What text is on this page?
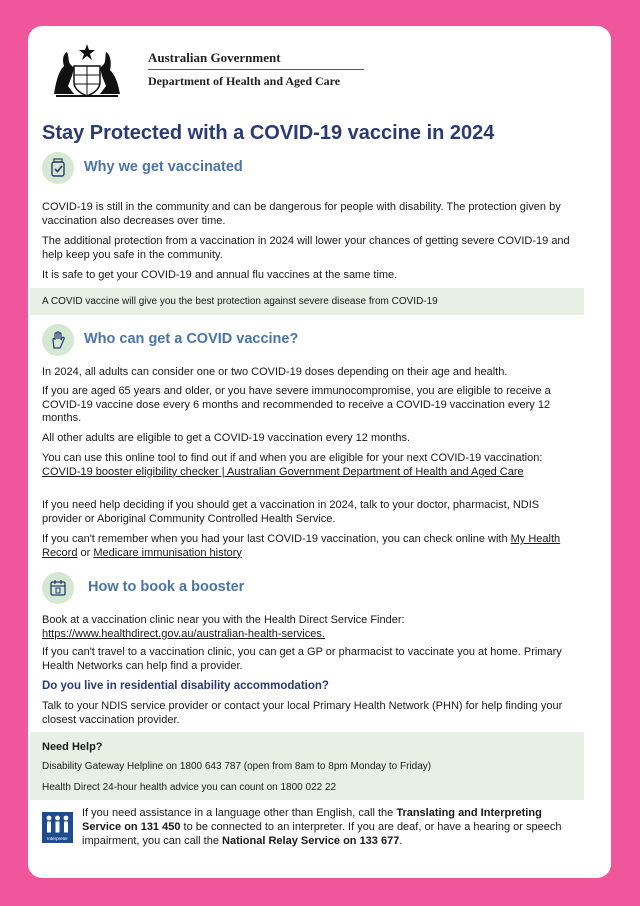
Australian Government
Department of Health and Aged Care
Stay Protected with a COVID-19 vaccine in 2024
Why we get vaccinated

COVID-19 is still in the community and can be dangerous for people with disability. The protection given by vaccination also decreases over time.

The additional protection from a vaccination in 2024 will lower your chances of getting severe COVID-19 and help keep you safe in the community.

It is safe to get your COVID-19 and annual flu vaccines at the same time.

A COVID vaccine will give you the best protection against severe disease from COVID-19
Who can get a COVID vaccine?

In 2024, all adults can consider one or two COVID-19 doses depending on their age and health.

If you are aged 65 years and older, or you have severe immunocompromise, you are eligible to receive a COVID-19 vaccine dose every 6 months and recommended to receive a COVID-19 vaccination every 12 months.

All other adults are eligible to get a COVID-19 vaccination every 12 months.

You can use this online tool to find out if and when you are eligible for your next COVID-19 vaccination: COVID-19 booster eligibility checker | Australian Government Department of Health and Aged Care

If you need help deciding if you should get a vaccination in 2024, talk to your doctor, pharmacist, NDIS provider or Aboriginal Community Controlled Health Service.

If you can't remember when you had your last COVID-19 vaccination, you can check online with My Health Record or Medicare immunisation history

How to book a booster

Book at a vaccination clinic near you with the Health Direct Service Finder:
https://www.healthdirect.gov.au/australian-health-services.

If you can't travel to a vaccination clinic, you can get a GP or pharmacist to vaccinate you at home. Primary Health Networks can help find a provider.

Do you live in residential disability accommodation?

Talk to your NDIS service provider or contact your local Primary Health Network (PHN) for help finding your closest vaccination provider.

Need Help?
Disability Gateway Helpline on 1800 643 787 (open from 8am to 8pm Monday to Friday)
Health Direct 24-hour health advice you can count on 1800 022 22
Interpreter

If you need assistance in a language other than English, call the Translating and Interpreting Service on 131 450 to be connected to an interpreter. If you are deaf, or have a hearing or speech impairment, you can call the National Relay Service on 133 677.
